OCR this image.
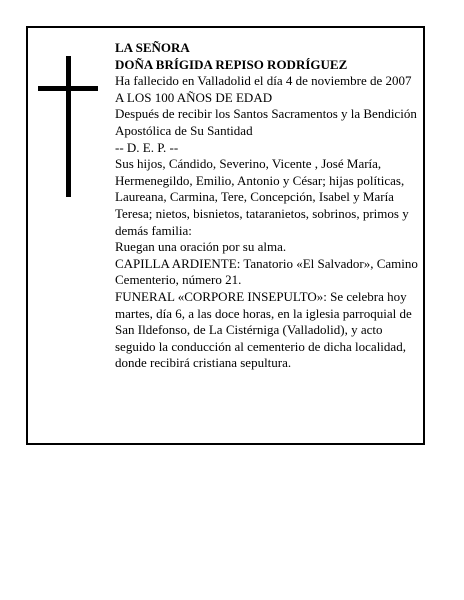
LA SEÑORA

DOÑA BRÍGIDA REPISO RODRÍGUEZ

Ha fallecido en Valladolid el día 4 de noviembre de 2007

A LOS 100 AÑOS DE EDAD

Después de recibir los Santos Sacramentos y la Bendición Apostólica de Su Santidad

-- D. E. P. --

Sus hijos, Cándido, Severino, Vicente , José María, Hermenegildo, Emilio, Antonio y César; hijas políticas, Laureana, Carmina, Tere, Concepción, Isabel y María Teresa; nietos, bisnietos, tataranietos, sobrinos, primos y demás familia:

Ruegan una oración por su alma.

CAPILLA ARDIENTE: Tanatorio «El Salvador», Camino Cementerio, número 21.

FUNERAL «CORPORE INSEPULTO»: Se celebra hoy martes, día 6, a las doce horas, en la iglesia parroquial de San Ildefonso, de La Cistérniga (Valladolid), y acto seguido la conducción al cementerio de dicha localidad, donde recibirá cristiana sepultura.
